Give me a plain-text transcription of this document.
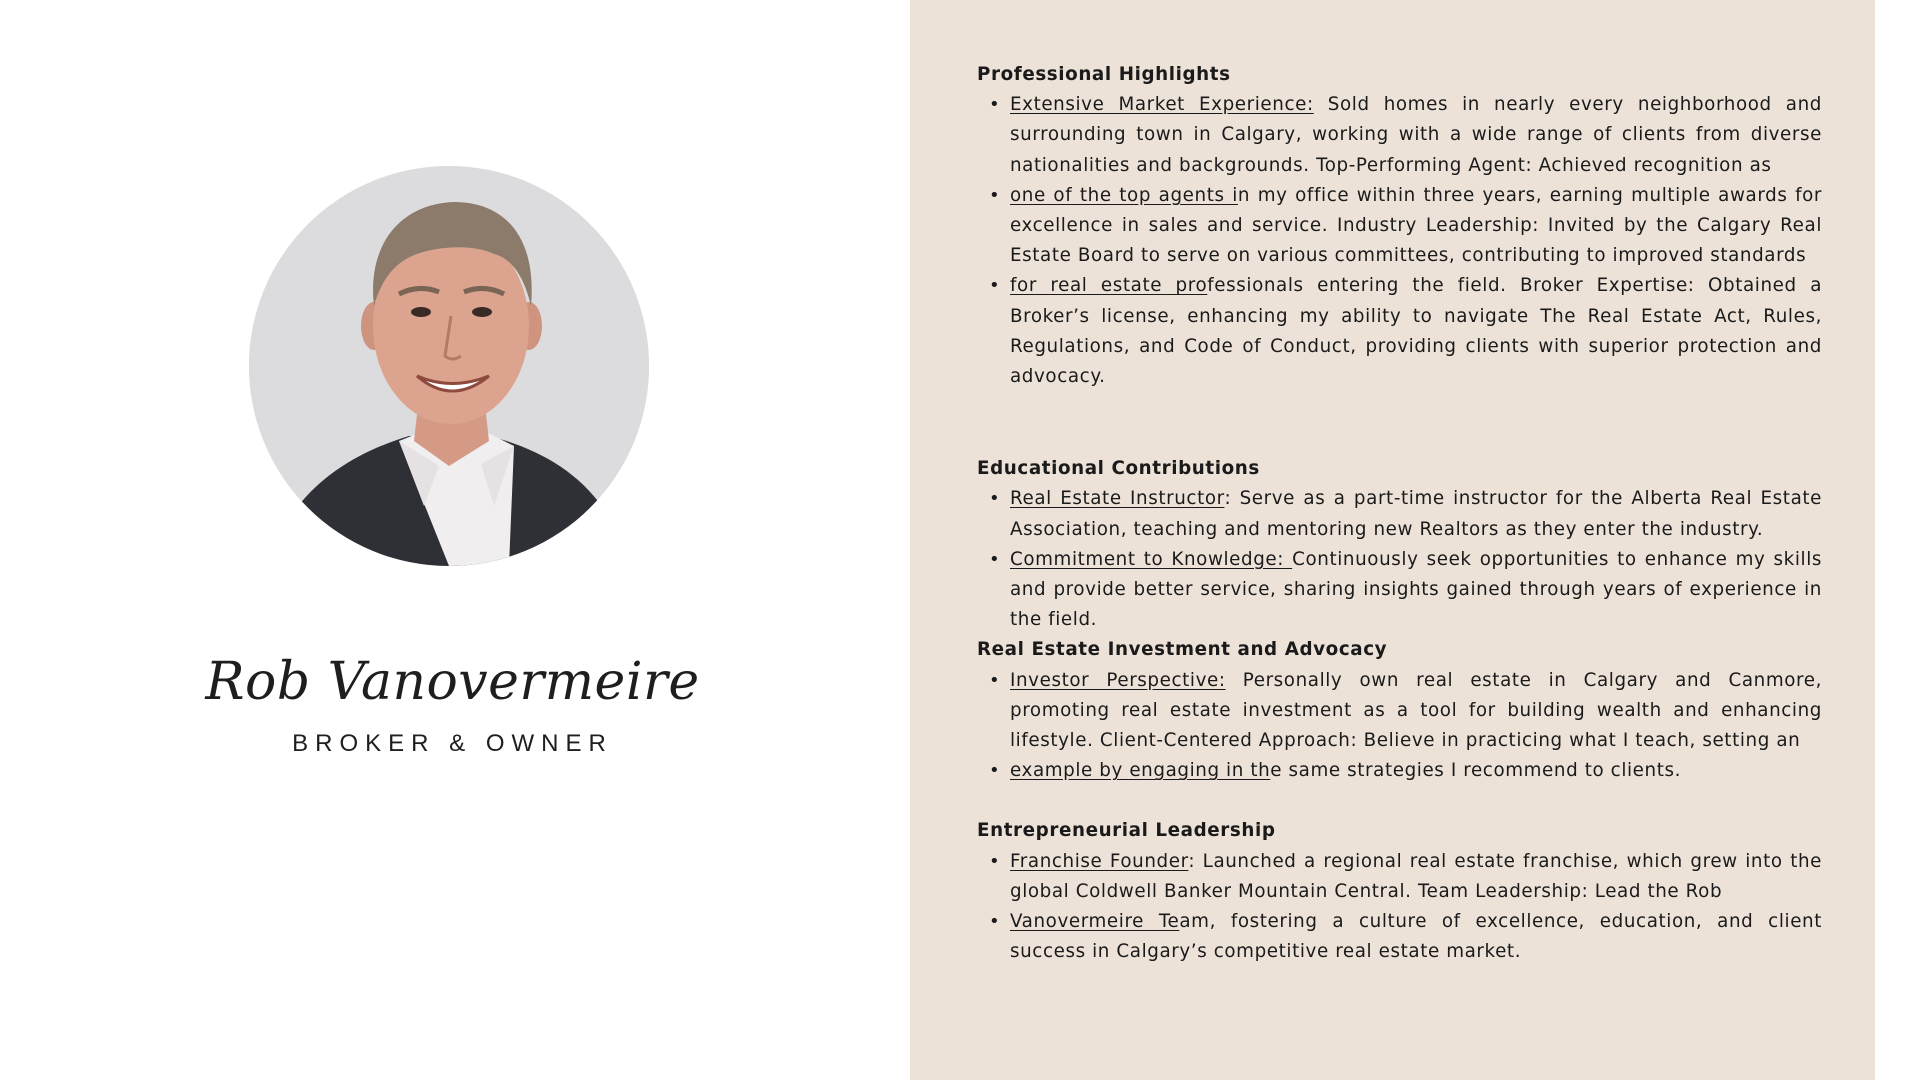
Rob Vanovermeire
BROKER & OWNER
Professional Highlights
• Extensive Market Experience: Sold homes in nearly every neighborhood and surrounding town in Calgary, working with a wide range of clients from diverse nationalities and backgrounds. Top-Performing Agent: Achieved recognition as
• one of the top agents in my office within three years, earning multiple awards for excellence in sales and service. Industry Leadership: Invited by the Calgary Real Estate Board to serve on various committees, contributing to improved standards
• for real estate professionals entering the field. Broker Expertise: Obtained a Broker’s license, enhancing my ability to navigate The Real Estate Act, Rules, Regulations, and Code of Conduct, providing clients with superior protection and advocacy.
Educational Contributions
• Real Estate Instructor: Serve as a part-time instructor for the Alberta Real Estate Association, teaching and mentoring new Realtors as they enter the industry.
• Commitment to Knowledge: Continuously seek opportunities to enhance my skills and provide better service, sharing insights gained through years of experience in the field.
Real Estate Investment and Advocacy
• Investor Perspective: Personally own real estate in Calgary and Canmore, promoting real estate investment as a tool for building wealth and enhancing lifestyle. Client-Centered Approach: Believe in practicing what I teach, setting an
• example by engaging in the same strategies I recommend to clients.
Entrepreneurial Leadership
• Franchise Founder: Launched a regional real estate franchise, which grew into the global Coldwell Banker Mountain Central. Team Leadership: Lead the Rob
• Vanovermeire Team, fostering a culture of excellence, education, and client success in Calgary’s competitive real estate market.
